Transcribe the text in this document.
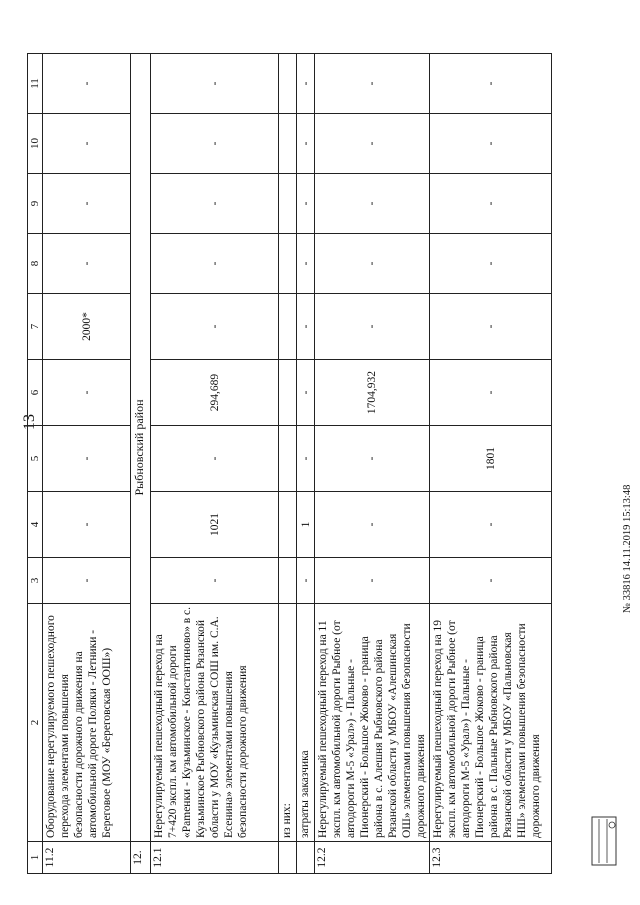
13
1	2	3	4	5	6	7	8	9	10	11
11.2	Оборудование нерегулируемого пешеходного перехода элементами повышения безопасности дорожного движения на автомобильной дороге Поляки - Летники - Береговое (МОУ «Береговская ООШ»)	-	-	-	-	2000*	-	-	-	-
12.	Рыбновский район									
12.1	Нерегулируемый пешеходный переход на 7+420 экспл. км автомобильной дороги «Рameнки - Кузьминское - Константиново» в с. Кузьминское Рыбновского района Рязанской области у МОУ «Кузьминская СОШ им. С.А. Есенина» элементами повышения безопасности дорожного движения	-	1021	-	294,689	-	-	-	-	-
	из них:									
	затраты заказчика	-	1	-	-	-	-	-	-	-
12.2	Нерегулируемый пешеходный переход на 11 экспл. км автомобильной дороги Рыбное (от автодороги М-5 «Урал») - Пальные - Пионерский - Большое Жоково - граница района в с. Алешня Рыбновского района Рязанской области у МБОУ «Алешинская ОШ» элементами повышения безопасности дорожного движения	-	-	-	1704,932	-	-	-	-	-
12.3	Нерегулируемый пешеходный переход на 19 экспл. км автомобильной дороги Рыбное (от автодороги М-5 «Урал») - Пальные - Пионерский - Большое Жоково - граница района в с. Пальные Рыбновского района Рязанской области у МБОУ «Пальновская НШ» элементами повышения безопасности дорожного движения	-	-	1801	-	-	-	-	-	-
№ 33816 14.11.2019 15:13:48
